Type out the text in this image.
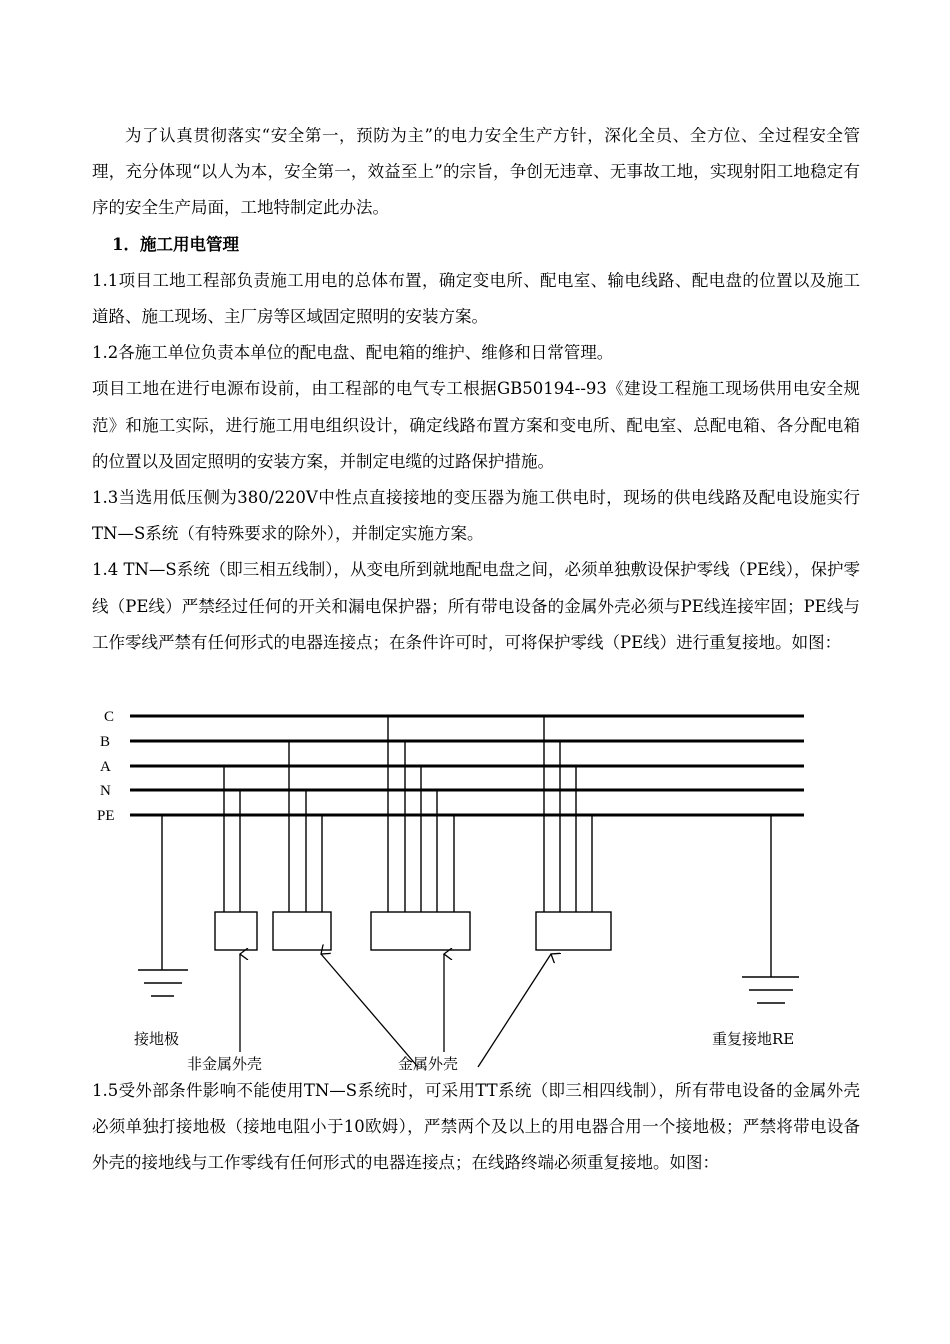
为了认真贯彻落实“安全第一，预防为主”的电力安全生产方针，深化全员、全方位、全过程安全管理，充分体现“以人为本，安全第一，效益至上”的宗旨，争创无违章、无事故工地，实现射阳工地稳定有序的安全生产局面，工地特制定此办法。

1．施工用电管理

1.1项目工地工程部负责施工用电的总体布置，确定变电所、配电室、输电线路、配电盘的位置以及施工道路、施工现场、主厂房等区域固定照明的安装方案。

1.2各施工单位负责本单位的配电盘、配电箱的维护、维修和日常管理。

项目工地在进行电源布设前，由工程部的电气专工根据GB50194--93《建设工程施工现场供用电安全规范》和施工实际，进行施工用电组织设计，确定线路布置方案和变电所、配电室、总配电箱、各分配电箱的位置以及固定照明的安装方案，并制定电缆的过路保护措施。

1.3当选用低压侧为380/220V中性点直接接地的变压器为施工供电时，现场的供电线路及配电设施实行TN—S系统（有特殊要求的除外），并制定实施方案。

1.4 TN—S系统（即三相五线制），从变电所到就地配电盘之间，必须单独敷设保护零线（PE线），保护零线（PE线）严禁经过任何的开关和漏电保护器；所有带电设备的金属外壳必须与PE线连接牢固；PE线与工作零线严禁有任何形式的电器连接点；在条件许可时，可将保护零线（PE线）进行重复接地。如图：

C
B
A
N
PE
接地极
非金属外壳	金属外壳
重复接地RE

1.5受外部条件影响不能使用TN—S系统时，可采用TT系统（即三相四线制），所有带电设备的金属外壳必须单独打接地极（接地电阻小于10欧姆），严禁两个及以上的用电器合用一个接地极；严禁将带电设备外壳的接地线与工作零线有任何形式的电器连接点；在线路终端必须重复接地。如图：
